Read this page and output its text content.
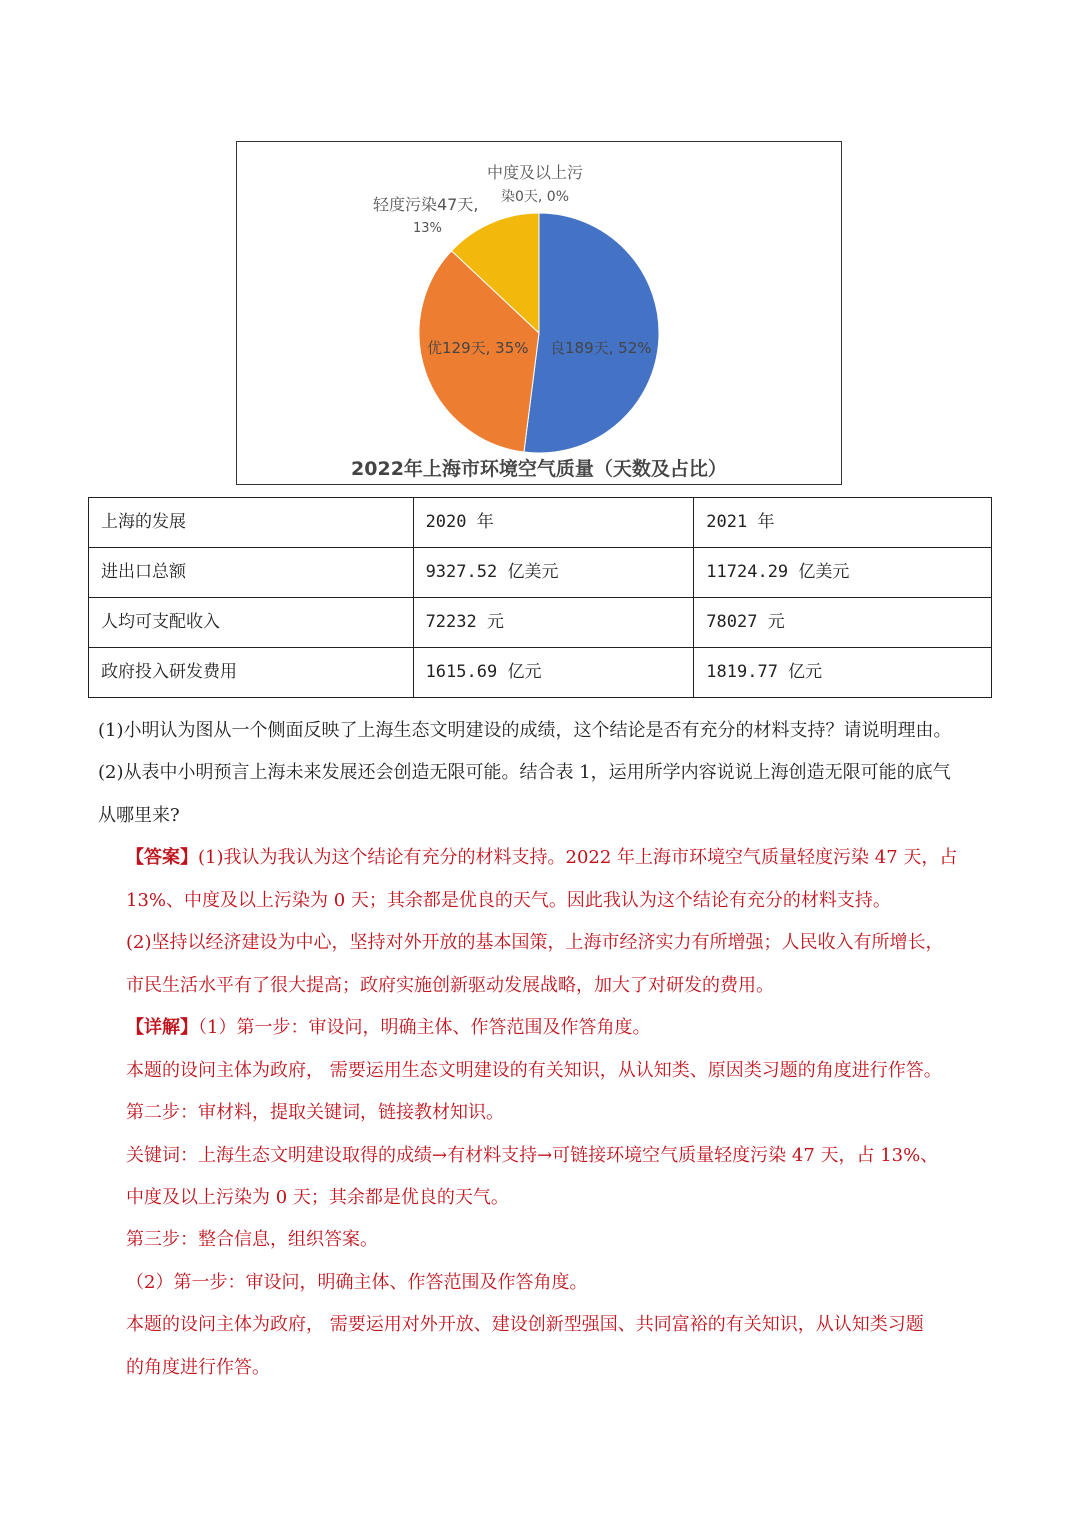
良189天, 52%
优129天, 35%
轻度污染47天,
13%
中度及以上污
染0天, 0%
2022年上海市环境空气质量（天数及占比）
上海的发展	2020 年	2021 年
进出口总额	9327.52 亿美元	11724.29 亿美元
人均可支配收入	72232 元	78027 元
政府投入研发费用	1615.69 亿元	1819.77 亿元
(1)小明认为图从一个侧面反映了上海生态文明建设的成绩，这个结论是否有充分的材料支持？请说明理由。
(2)从表中小明预言上海未来发展还会创造无限可能。结合表 1，运用所学内容说说上海创造无限可能的底气
从哪里来?
【答案】(1)我认为我认为这个结论有充分的材料支持。2022 年上海市环境空气质量轻度污染 47 天，占
13%、中度及以上污染为 0 天；其余都是优良的天气。因此我认为这个结论有充分的材料支持。
(2)坚持以经济建设为中心，坚持对外开放的基本国策，上海市经济实力有所增强；人民收入有所增长，
市民生活水平有了很大提高；政府实施创新驱动发展战略，加大了对研发的费用。
【详解】（1）第一步：审设问，明确主体、作答范围及作答角度。
本题的设问主体为政府， 需要运用生态文明建设的有关知识，从认知类、原因类习题的角度进行作答。
第二步：审材料，提取关键词，链接教材知识。
关键词：上海生态文明建设取得的成绩→有材料支持→可链接环境空气质量轻度污染 47 天，占 13%、
中度及以上污染为 0 天；其余都是优良的天气。
第三步：整合信息，组织答案。
（2）第一步：审设问，明确主体、作答范围及作答角度。
本题的设问主体为政府， 需要运用对外开放、建设创新型强国、共同富裕的有关知识，从认知类习题
的角度进行作答。
